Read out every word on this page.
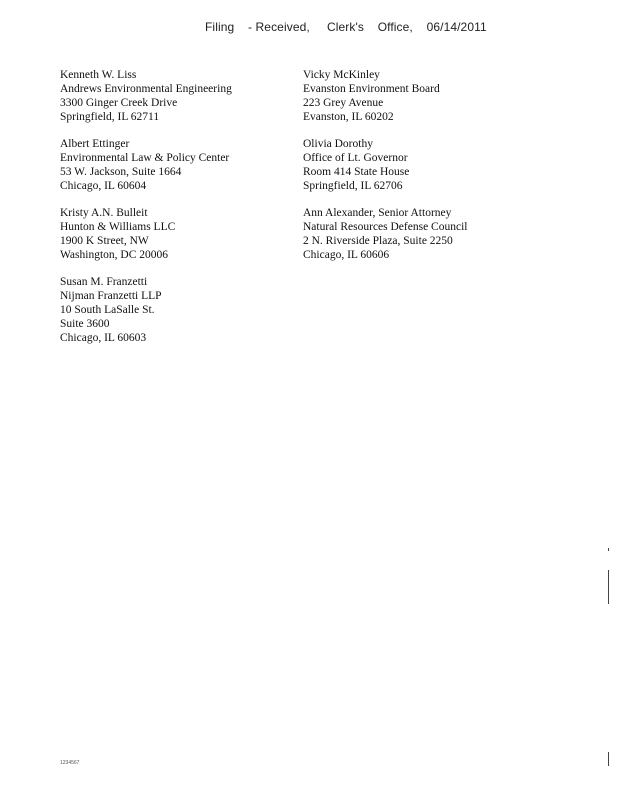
Filing    - Received,     Clerk's    Office,    06/14/2011
Kenneth W. Liss
Andrews Environmental Engineering
3300 Ginger Creek Drive
Springfield, IL 62711
Albert Ettinger
Environmental Law & Policy Center
53 W. Jackson, Suite 1664
Chicago, IL 60604
Kristy A.N. Bulleit
Hunton & Williams LLC
1900 K Street, NW
Washington, DC 20006
Susan M. Franzetti
Nijman Franzetti LLP
10 South LaSalle St.
Suite 3600
Chicago, IL 60603
Vicky McKinley
Evanston Environment Board
223 Grey Avenue
Evanston, IL 60202
Olivia Dorothy
Office of Lt. Governor
Room 414 State House
Springfield, IL 62706
Ann Alexander, Senior Attorney
Natural Resources Defense Council
2 N. Riverside Plaza, Suite 2250
Chicago, IL 60606
1234567
